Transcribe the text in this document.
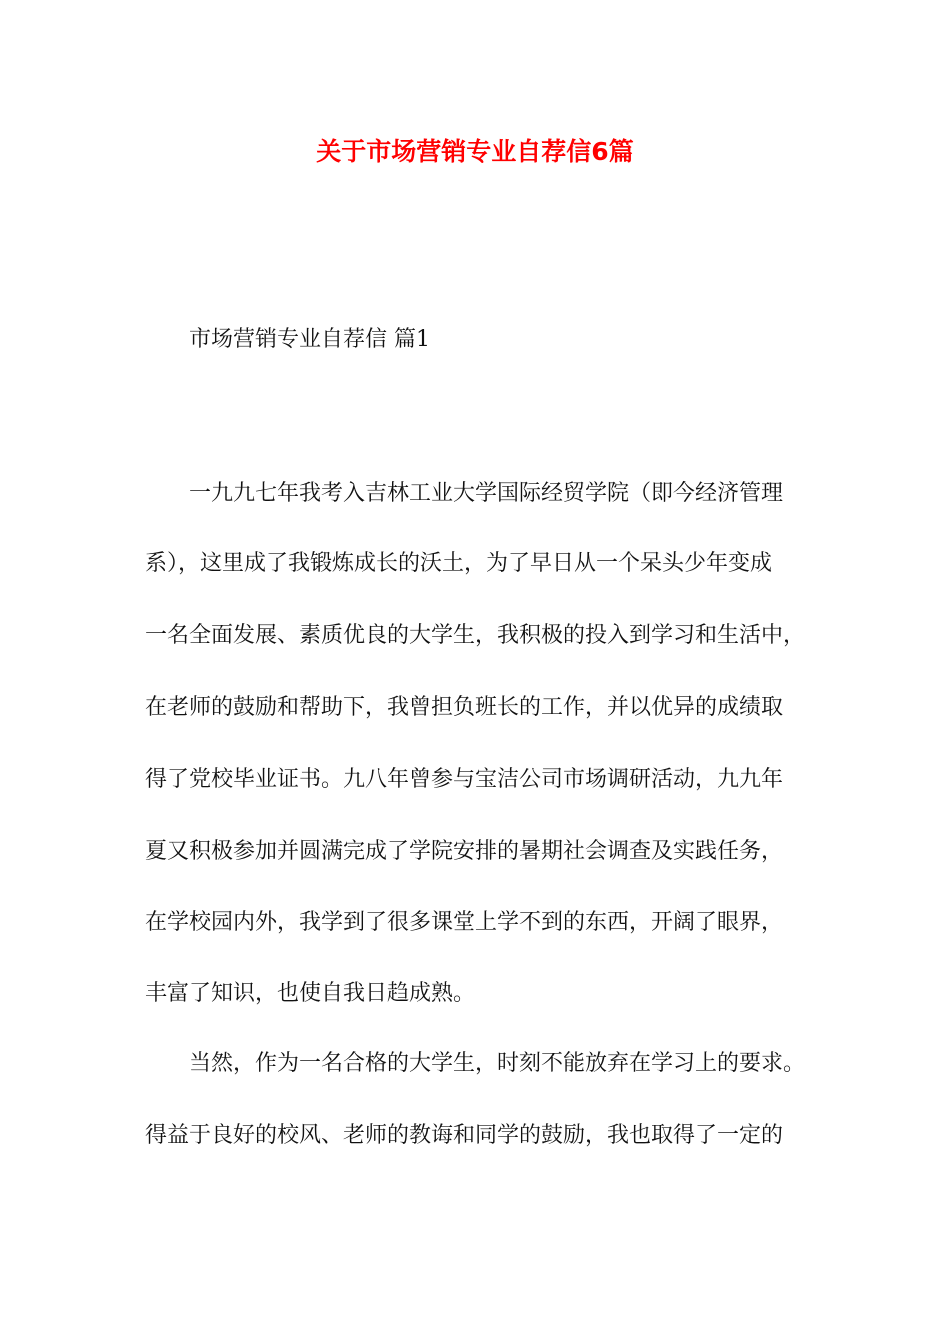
关于市场营销专业自荐信6篇

市场营销专业自荐信 篇1

一九九七年我考入吉林工业大学国际经贸学院（即今经济管理

系），这里成了我锻炼成长的沃土，为了早日从一个呆头少年变成

一名全面发展、素质优良的大学生，我积极的投入到学习和生活中，

在老师的鼓励和帮助下，我曾担负班长的工作，并以优异的成绩取

得了党校毕业证书。九八年曾参与宝洁公司市场调研活动，九九年

夏又积极参加并圆满完成了学院安排的暑期社会调查及实践任务，

在学校园内外，我学到了很多课堂上学不到的东西，开阔了眼界，

丰富了知识，也使自我日趋成熟。

当然，作为一名合格的大学生，时刻不能放弃在学习上的要求。

得益于良好的校风、老师的教诲和同学的鼓励，我也取得了一定的
